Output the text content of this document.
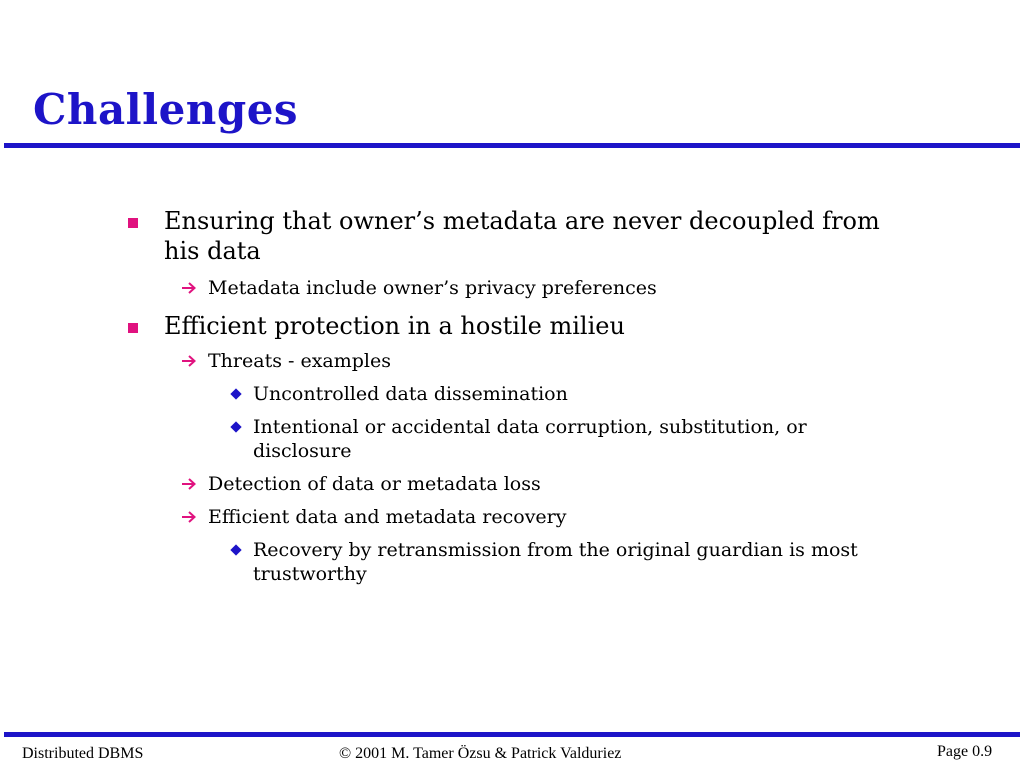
Challenges
Ensuring that owner’s metadata are never decoupled from his data
Metadata include owner’s privacy preferences
Efficient protection in a hostile milieu
Threats - examples
Uncontrolled data dissemination
Intentional or accidental data corruption, substitution, or disclosure
Detection of data or metadata loss
Efficient data and metadata recovery
Recovery by retransmission from the original guardian is most trustworthy
Distributed DBMS	© 2001 M. Tamer Özsu & Patrick Valduriez	Page 0.9
